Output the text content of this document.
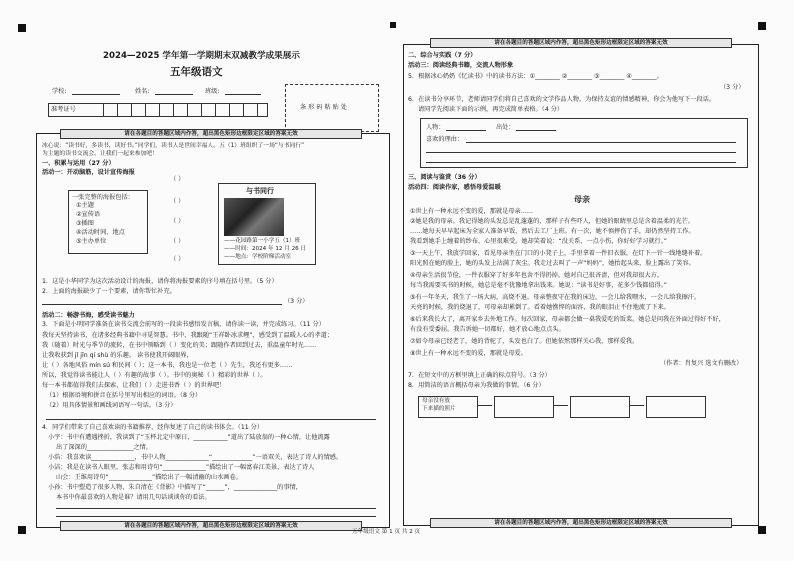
2024—2025 学年第一学期期末双减教学成果展示
五年级语文
学校:	姓名:	班级:
准考证号	条 形 码 粘 贴 处
请在各题目的答题区域内作答，超出黑色矩形边框限定区域的答案无效
请在各题目的答题区域内作答，超出黑色矩形边框限定区域的答案无效
冰心说：“读书好，多读书，读好书。”同学们，读书人是世间幸福人。五（1）班组织了一场“与书同行”
为主题的读书交流会。让我们一起来参加吧！
一、积累与运用（27 分）
活动一：开动脑筋，设计宣传海报
一张完整的海报包括：
①主题
②宣传语
③插图
④活动时间、地点
⑤主办单位
（ ）
（ ）
（ ）
（ ）
（ ）
与书同行
——花园路第一小学五（1）班
——时间：2024 年 12 月 26 日
——地点：学校阶梯活动室
1．这是小华同学为这次活动设计的海报，请你将海报要素的序号填在括号里。（5 分）
2．上面的海报缺少了一个要素，请你帮忙补充。
（3 分）
活动二：畅游书海，感受读书魅力
3．下面是小明同学准备在读书交流会前写的一段读书感悟发言稿，请你读一读，并完成练习。（11 分）
我每天坚持读书，在诸多经典书籍中寻觅智慧。书中，我跟随“王祥卧冰求鲤”，感受到了温暖人心的孝道；
我（随着）时光与季节的流转，在书中领略到（ ）变化的美；跟随作者回到过去，重温童年时光……
让我收获到 jǐ jīn qí shù 的乐趣。 读书使我开阔眼界，
让（ ）各地风俗 mín sú 和民间（ ）；这一本书，我也是一位老（ ）先生，我还有更多……
所以，我觉得读书能让人（ ）有趣的故事（ ）。书中的奥秘（ ）精彩的世界（ ）。
每一本书都值得我们去探索，让我们（ ）走进书香（ ）的世界吧！
（1）根据语境和拼音在括号里写出相应的词语。（8 分）
（2）用具体情景和画线词语写一句话。（3 分）
4．同学们带来了自己喜欢读的书籍推荐，经你复述了自己的读书体会。（11 分）
小宇：书中有遭遇挫折，我读到了“玉杯北定中原日，___________”道出了陆放翁的一种心情，让他流露
出了深深的_______________之情。
小浩：我喜欢读______________，书中人物______________“_____________”一语双关，表达了诗人的情感。
小洁：我是在读书人眼里，张志和用诗句“______________”描绘出了一幅富春江美景，表达了诗人
山会：王维用诗句“______________”描绘出了一幅清幽的山水画卷。
小孙：书中塑造了很多人物，朱自清在《背影》中描写了“______”，______________的事情，
本书中你最喜欢的人物是谁？请用几句话谈谈你的看法。
请在各题目的答题区域内作答，超出黑色矩形边框限定区域的答案无效
请在各题目的答题区域内作答，超出黑色矩形边框限定区域的答案无效
二、综合与实践（7 分）
活动三：阅读经典书籍，交流人物形象
5．根据冰心奶奶《忆读书》中的读书方法：①________ ②________ ③________ ④________。
（3 分）
6．在读书分享环节，老师请同学们将自己喜欢的文学作品人物，为保持友谊的情感精神，你会为他写下一段话。
请同学先阅读下面的示例，再完成简单表格。（4 分）
人物：	出处：
喜欢的理由：
三、阅读与鉴赏（36 分）
活动四：阅读作家，感悟母爱温暖
母亲
①世上有一种永远不变的爱，那就是母亲……
②她是我的母亲。我记得她的头发总是乱蓬蓬的，那样子有些吓人，但她的眼睛里总是含着温柔的光芒。
……她每天早早起床为全家人准备早饭，然后去工厂上班。有一次，她不慎摔伤了手，却仍然坚持工作。
我看到她手上缠着的纱布，心里很难受。她却笑着说：“没关系，一点小伤，你好好学习就行。”
③一天上午，我放学回家，看见母亲坐在门口的小凳子上，手里拿着一件旧衣服，在灯下一针一线地缝补着。
阳光照在她的脸上，她的头发上沾满了灰尘。我走过去叫了一声“妈妈”，她抬起头来，脸上露出了笑容。
④母亲生活很节俭，一件衣服穿了好多年也舍不得扔掉。她对自己很吝啬，但对我却很大方。
每当我需要买书的时候，她总是毫不犹豫地拿出钱来。她说：“读书是好事，花多少钱都值得。”
⑤有一年冬天，我生了一场大病，高烧不退。母亲整夜守在我的床边，一会儿给我喂水，一会儿给我擦汗。
天亮的时候，我的烧退了，可母亲却累倒了。看着她憔悴的面容，我的眼泪止不住地流了下来。
⑥后来我长大了，离开家乡去外地工作。每次回家，母亲都会做一桌我爱吃的饭菜。她总是问我在外面过得好不好，
有没有受委屈。我告诉她一切都好，她才放心地点点头。
⑦如今母亲已经老了，她的背驼了，头发也白了。但她依然那样关心我，那样爱我。
⑧世上有一种永远不变的爱，那就是母爱。
（作者：肖复兴 选文有删改）
7．在短文中的方框里填上正确的标点符号。（3 分）
8．用简洁的语言概括母亲为我做的事情。（6 分）
母亲没有放
下来描的照片
五年级语文 第 1 页 共 2 页
